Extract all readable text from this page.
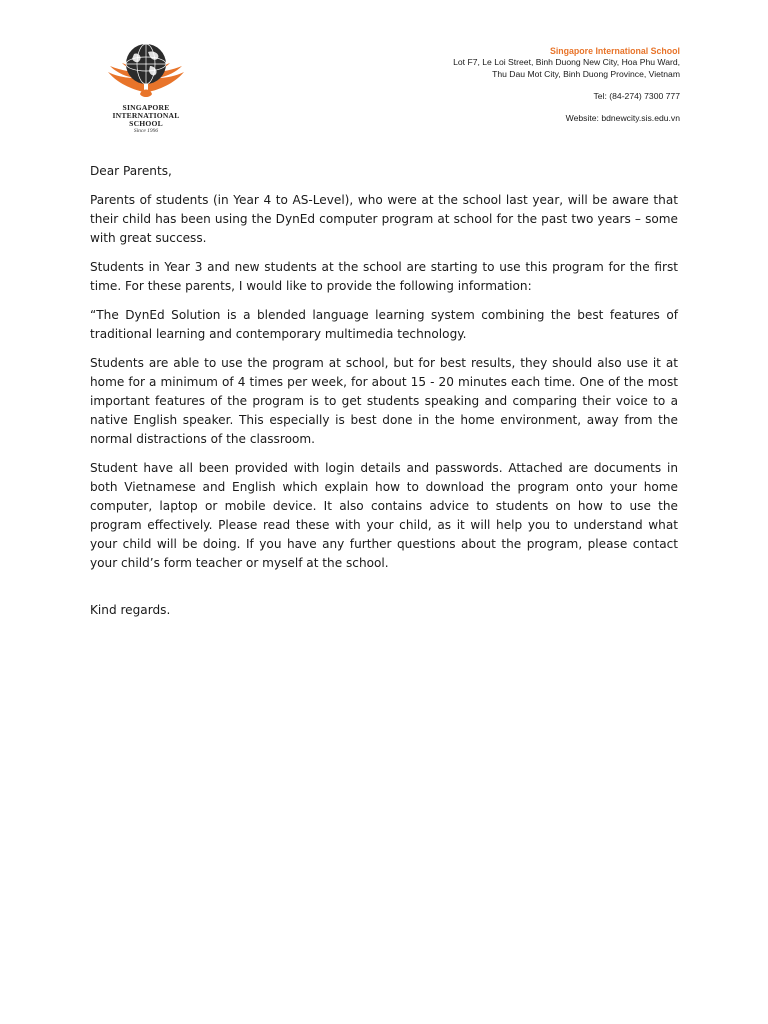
SINGAPORE
INTERNATIONAL
SCHOOL
Since 1996
Singapore International School
Lot F7, Le Loi Street, Binh Duong New City, Hoa Phu Ward,
Thu Dau Mot City, Binh Duong Province, Vietnam
Tel: (84-274) 7300 777
Website: bdnewcity.sis.edu.vn

Dear Parents,

Parents of students (in Year 4 to AS-Level), who were at the school last year, will be aware that their child has been using the DynEd computer program at school for the past two years – some with great success.

Students in Year 3 and new students at the school are starting to use this program for the first time. For these parents, I would like to provide the following information:

“The DynEd Solution is a blended language learning system combining the best features of traditional learning and contemporary multimedia technology.

Students are able to use the program at school, but for best results, they should also use it at home for a minimum of 4 times per week, for about 15 - 20 minutes each time. One of the most important features of the program is to get students speaking and comparing their voice to a native English speaker. This especially is best done in the home environment, away from the normal distractions of the classroom.

Student have all been provided with login details and passwords. Attached are documents in both Vietnamese and English which explain how to download the program onto your home computer, laptop or mobile device. It also contains advice to students on how to use the program effectively. Please read these with your child, as it will help you to understand what your child will be doing. If you have any further questions about the program, please contact your child’s form teacher or myself at the school.

Kind regards.
